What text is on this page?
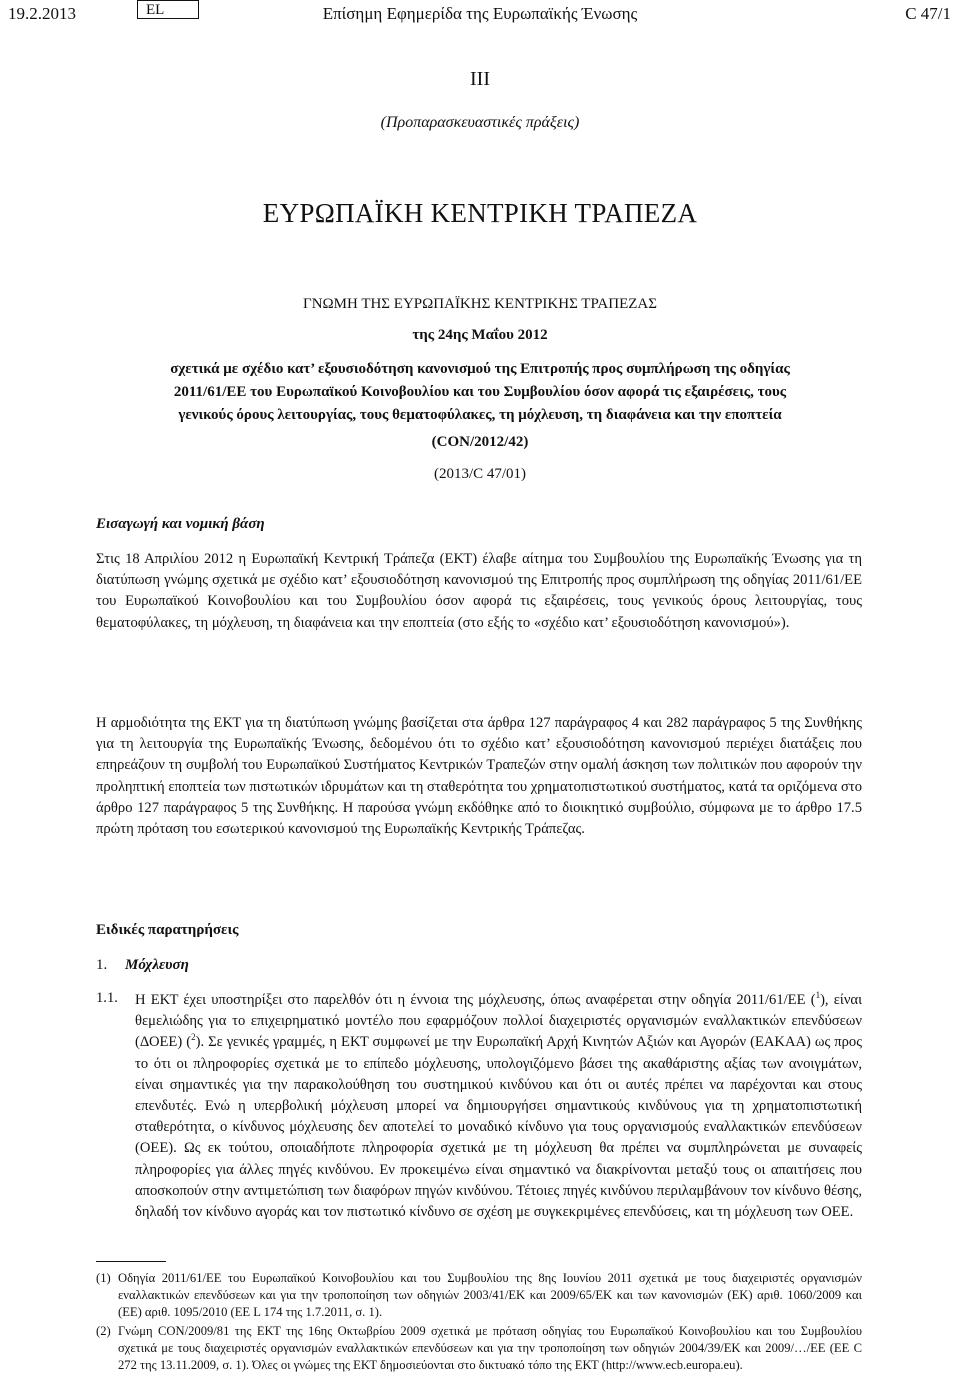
19.2.2013	EL	Επίσημη Εφημερίδα της Ευρωπαϊκής Ένωσης	C 47/1
III
(Προπαρασκευαστικές πράξεις)
ΕΥΡΩΠΑΪΚΗ ΚΕΝΤΡΙΚΗ ΤΡΑΠΕΖΑ
ΓΝΩΜΗ ΤΗΣ ΕΥΡΩΠΑΪΚΗΣ ΚΕΝΤΡΙΚΗΣ ΤΡΑΠΕΖΑΣ
της 24ης Μαΐου 2012
σχετικά με σχέδιο κατ’ εξουσιοδότηση κανονισμού της Επιτροπής προς συμπλήρωση της οδηγίας
2011/61/ΕΕ του Ευρωπαϊκού Κοινοβουλίου και του Συμβουλίου όσον αφορά τις εξαιρέσεις, τους
γενικούς όρους λειτουργίας, τους θεματοφύλακες, τη μόχλευση, τη διαφάνεια και την εποπτεία
(CON/2012/42)
(2013/C 47/01)
Εισαγωγή και νομική βάση

Στις 18 Απριλίου 2012 η Ευρωπαϊκή Κεντρική Τράπεζα (ΕΚΤ) έλαβε αίτημα του Συμβουλίου της Ευρωπαϊκής Ένωσης για τη διατύπωση γνώμης σχετικά με σχέδιο κατ’ εξουσιοδότηση κανονισμού της Επιτροπής προς συμπλήρωση της οδηγίας 2011/61/ΕΕ του Ευρωπαϊκού Κοινοβουλίου και του Συμβουλίου όσον αφορά τις εξαιρέσεις, τους γενικούς όρους λειτουργίας, τους θεματοφύλακες, τη μόχλευση, τη διαφάνεια και την εποπτεία (στο εξής το «σχέδιο κατ’ εξουσιοδότηση κανονισμού»).

Η αρμοδιότητα της ΕΚΤ για τη διατύπωση γνώμης βασίζεται στα άρθρα 127 παράγραφος 4 και 282 παράγραφος 5 της Συνθήκης για τη λειτουργία της Ευρωπαϊκής Ένωσης, δεδομένου ότι το σχέδιο κατ’ εξουσιοδότηση κανονισμού περιέχει διατάξεις που επηρεάζουν τη συμβολή του Ευρωπαϊκού Συστήματος Κεντρικών Τραπεζών στην ομαλή άσκηση των πολιτικών που αφορούν την προληπτική εποπτεία των πιστωτικών ιδρυμάτων και τη σταθερότητα του χρηματοπιστωτικού συστήματος, κατά τα οριζόμενα στο άρθρο 127 παράγραφος 5 της Συνθήκης. Η παρούσα γνώμη εκδόθηκε από το διοικητικό συμβούλιο, σύμφωνα με το άρθρο 17.5 πρώτη πρόταση του εσωτερικού κανονισμού της Ευρωπαϊκής Κεντρικής Τράπεζας.

Ειδικές παρατηρήσεις
1. Μόχλευση
1.1. Η ΕΚΤ έχει υποστηρίξει στο παρελθόν ότι η έννοια της μόχλευσης, όπως αναφέρεται στην οδηγία 2011/61/ΕΕ ($^1$), είναι θεμελιώδης για το επιχειρηματικό μοντέλο που εφαρμόζουν πολλοί διαχειριστές οργανισμών εναλλακτικών επενδύσεων (ΔΟΕΕ) ($^2$). Σε γενικές γραμμές, η ΕΚΤ συμφωνεί με την Ευρωπαϊκή Αρχή Κινητών Αξιών και Αγορών (ΕΑΚΑΑ) ως προς το ότι οι πληροφορίες σχετικά με το επίπεδο μόχλευσης, υπολογιζόμενο βάσει της ακαθάριστης αξίας των ανοιγμάτων, είναι σημαντικές για την παρακολούθηση του συστημικού κινδύνου και ότι οι αυτές πρέπει να παρέχονται και στους επενδυτές. Ενώ η υπερβολική μόχλευση μπορεί να δημιουργήσει σημαντικούς κινδύνους για τη χρηματοπιστωτική σταθερότητα, ο κίνδυνος μόχλευσης δεν αποτελεί το μοναδικό κίνδυνο για τους οργανισμούς εναλλακτικών επενδύσεων (ΟΕΕ). Ως εκ τούτου, οποιαδήποτε πληροφορία σχετικά με τη μόχλευση θα πρέπει να συμπληρώνεται με συναφείς πληροφορίες για άλλες πηγές κινδύνου. Εν προκειμένω είναι σημαντικό να διακρίνονται μεταξύ τους οι απαιτήσεις που αποσκοπούν στην αντιμετώπιση των διαφόρων πηγών κινδύνου. Τέτοιες πηγές κινδύνου περιλαμβάνουν τον κίνδυνο θέσης, δηλαδή τον κίνδυνο αγοράς και τον πιστωτικό κίνδυνο σε σχέση με συγκεκριμένες επενδύσεις, και τη μόχλευση των ΟΕΕ.

(1) Οδηγία 2011/61/ΕΕ του Ευρωπαϊκού Κοινοβουλίου και του Συμβουλίου της 8ης Ιουνίου 2011 σχετικά με τους διαχειριστές οργανισμών εναλλακτικών επενδύσεων και για την τροποποίηση των οδηγιών 2003/41/ΕΚ και 2009/65/ΕΚ και των κανονισμών (ΕΚ) αριθ. 1060/2009 και (ΕΕ) αριθ. 1095/2010 (ΕΕ L 174 της 1.7.2011, σ. 1).
(2) Γνώμη CON/2009/81 της ΕΚΤ της 16ης Οκτωβρίου 2009 σχετικά με πρόταση οδηγίας του Ευρωπαϊκού Κοινοβουλίου και του Συμβουλίου σχετικά με τους διαχειριστές οργανισμών εναλλακτικών επενδύσεων και για την τροποποίηση των οδηγιών 2004/39/ΕΚ και 2009/…/ΕΕ (ΕΕ C 272 της 13.11.2009, σ. 1). Όλες οι γνώμες της ΕΚΤ δημοσιεύονται στο δικτυακό τόπο της ΕΚΤ (http://www.ecb.europa.eu).
